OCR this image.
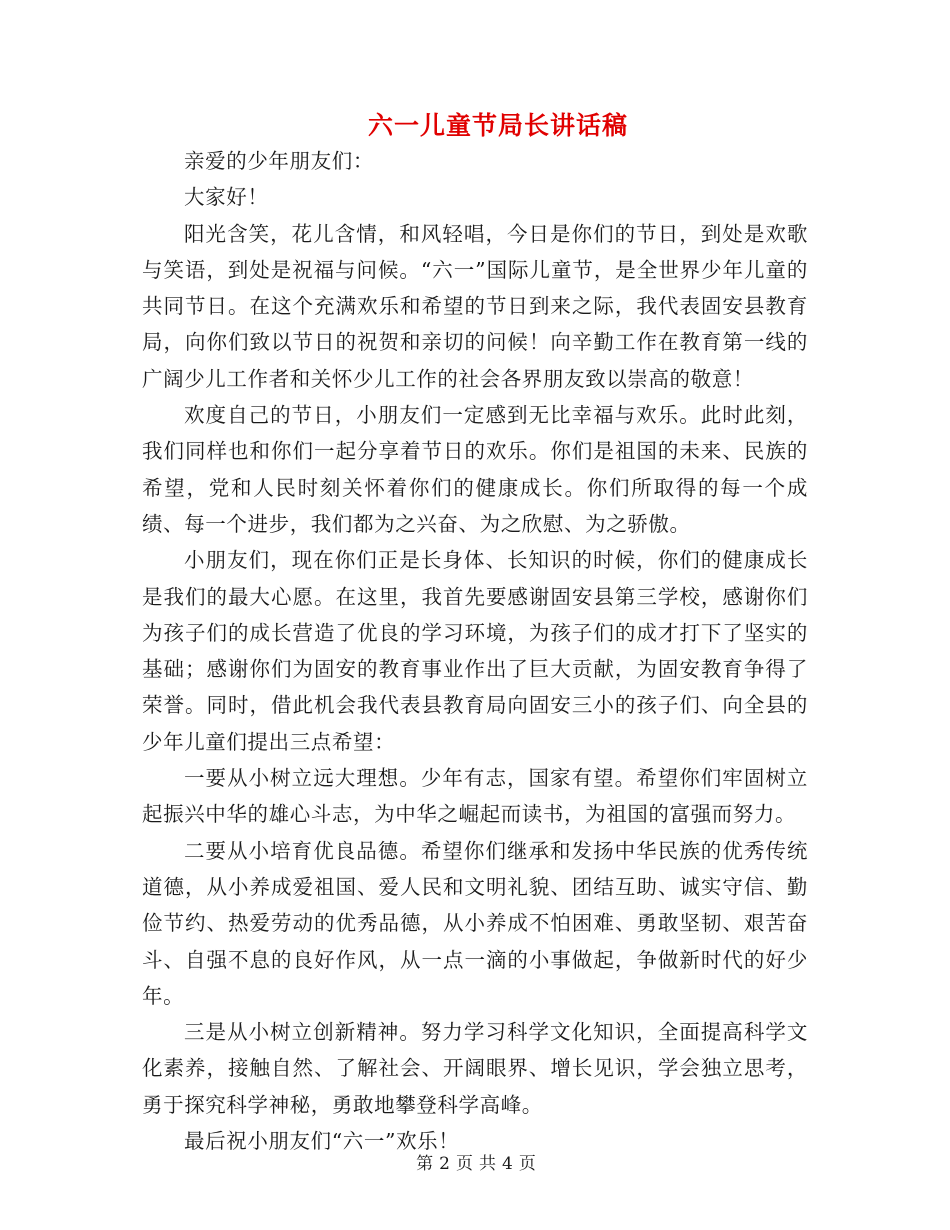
六一儿童节局长讲话稿

亲爱的少年朋友们：

大家好！

阳光含笑，花儿含情，和风轻唱，今日是你们的节日，到处是欢歌与笑语，到处是祝福与问候。“六一”国际儿童节，是全世界少年儿童的共同节日。在这个充满欢乐和希望的节日到来之际，我代表固安县教育局，向你们致以节日的祝贺和亲切的问候！向辛勤工作在教育第一线的广阔少儿工作者和关怀少儿工作的社会各界朋友致以崇高的敬意！

欢度自己的节日，小朋友们一定感到无比幸福与欢乐。此时此刻，我们同样也和你们一起分享着节日的欢乐。你们是祖国的未来、民族的希望，党和人民时刻关怀着你们的健康成长。你们所取得的每一个成绩、每一个进步，我们都为之兴奋、为之欣慰、为之骄傲。

小朋友们，现在你们正是长身体、长知识的时候，你们的健康成长是我们的最大心愿。在这里，我首先要感谢固安县第三学校，感谢你们为孩子们的成长营造了优良的学习环境，为孩子们的成才打下了坚实的基础；感谢你们为固安的教育事业作出了巨大贡献，为固安教育争得了荣誉。同时，借此机会我代表县教育局向固安三小的孩子们、向全县的少年儿童们提出三点希望：

一要从小树立远大理想。少年有志，国家有望。希望你们牢固树立起振兴中华的雄心斗志，为中华之崛起而读书，为祖国的富强而努力。

二要从小培育优良品德。希望你们继承和发扬中华民族的优秀传统道德，从小养成爱祖国、爱人民和文明礼貌、团结互助、诚实守信、勤俭节约、热爱劳动的优秀品德，从小养成不怕困难、勇敢坚韧、艰苦奋斗、自强不息的良好作风，从一点一滴的小事做起，争做新时代的好少年。

三是从小树立创新精神。努力学习科学文化知识，全面提高科学文化素养，接触自然、了解社会、开阔眼界、增长见识，学会独立思考，勇于探究科学神秘，勇敢地攀登科学高峰。

最后祝小朋友们“六一”欢乐！

第 2 页 共 4 页
